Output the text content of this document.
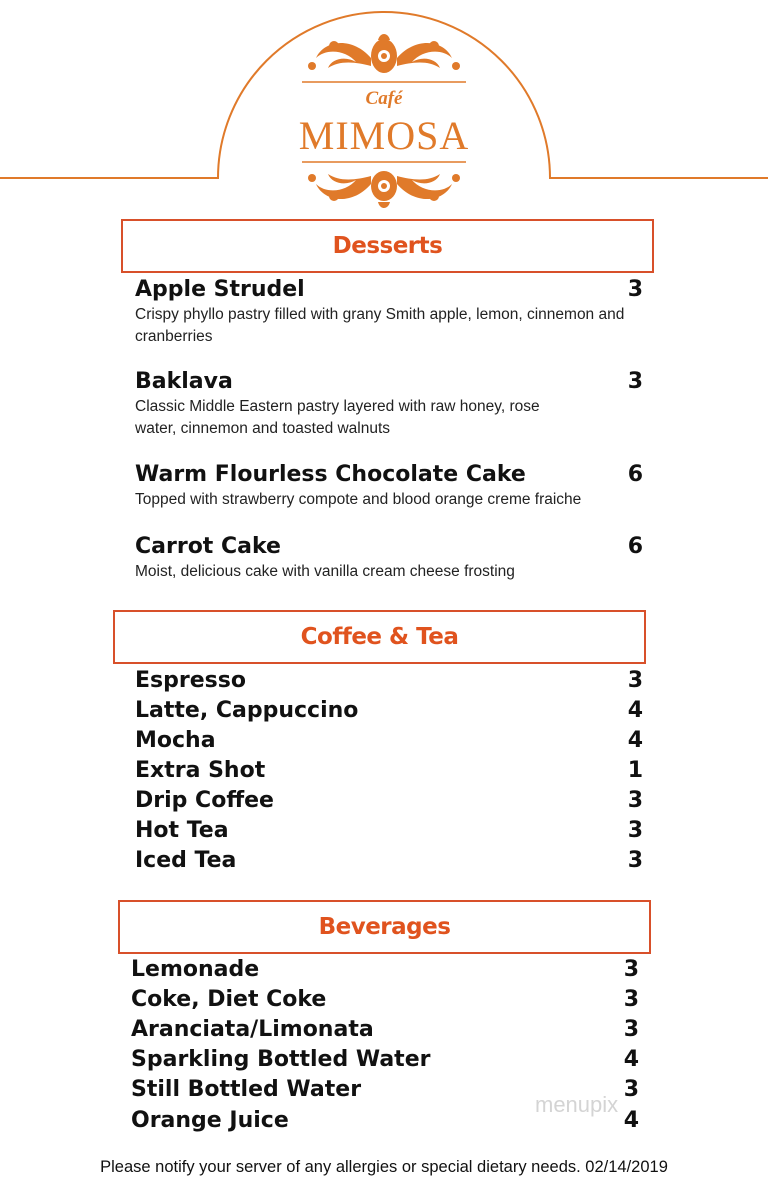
Café
MIMOSA
Desserts
Apple Strudel	3
Crispy phyllo pastry filled with grany Smith apple, lemon, cinnemon and cranberries
Baklava	3
Classic Middle Eastern pastry layered with raw honey, rose water, cinnemon and toasted walnuts
Warm Flourless Chocolate Cake	6
Topped with strawberry compote and blood orange creme fraiche
Carrot Cake	6
Moist, delicious cake with vanilla cream cheese frosting
Coffee & Tea
Espresso	3
Latte, Cappuccino	4
Mocha	4
Extra Shot	1
Drip Coffee	3
Hot Tea	3
Iced Tea	3
Beverages
Lemonade	3
Coke, Diet Coke	3
Aranciata/Limonata	3
Sparkling Bottled Water	4
Still Bottled Water	3
Orange Juice	4
menupix
Please notify your server of any allergies or special dietary needs. 02/14/2019
